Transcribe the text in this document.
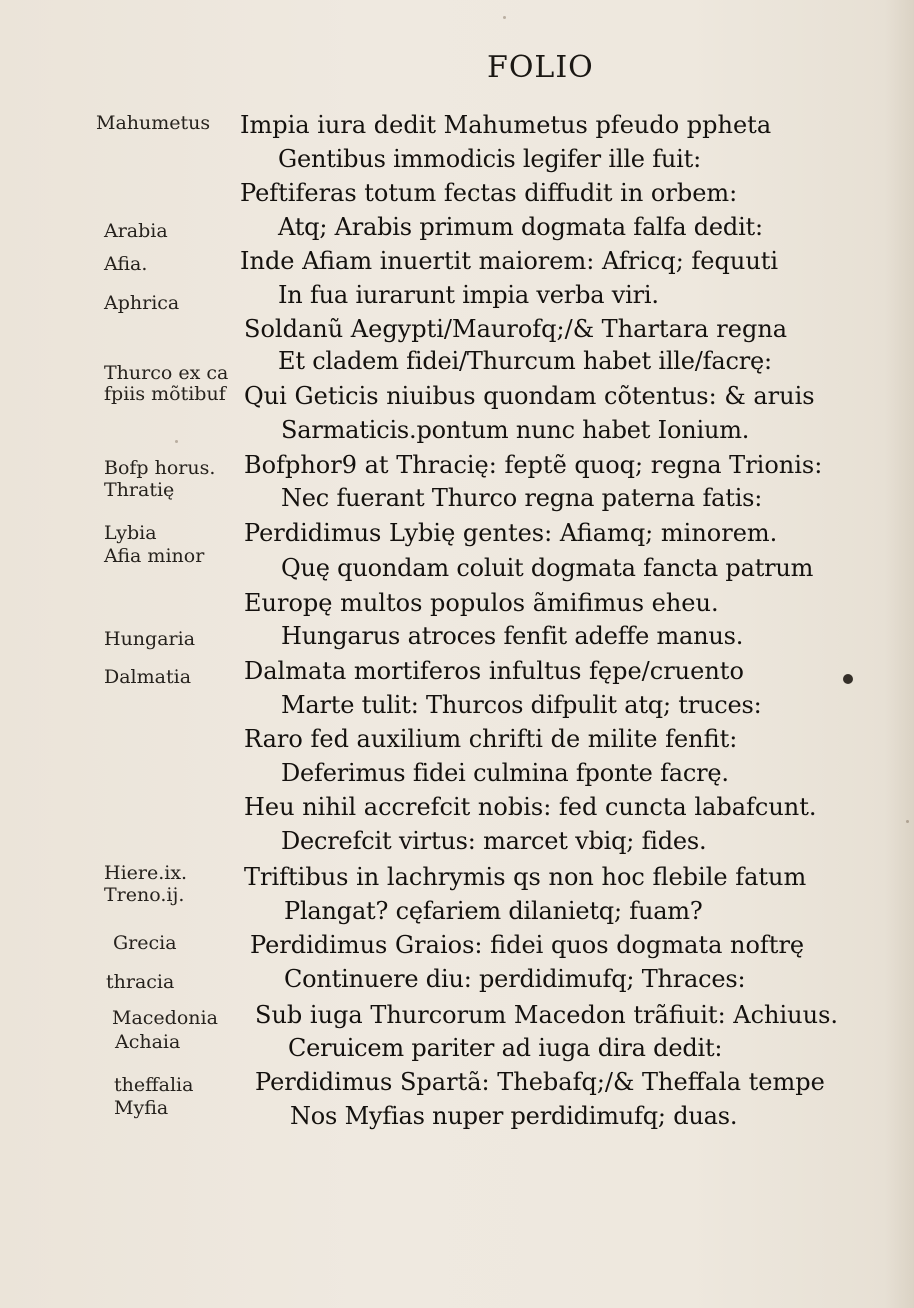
FOLIO
Mahumetus
Arabia
Afia.
Aphrica
Thurco ex ca
fpiis mõtibuf
Bofp horus.
Thratię
Lybia
Afia minor
Hungaria
Dalmatia
Hiere.ix.
Treno.ij.
Grecia
thracia
Macedonia
Achaia
theffalia
Myfia
Impia iura dedit Mahumetus pfeudo ppheta
Gentibus immodicis legifer ille fuit:
Peftiferas totum fectas diffudit in orbem:
Atq; Arabis primum dogmata falfa dedit:
Inde Afiam inuertit maiorem: Africq; fequuti
In fua iurarunt impia verba viri.
Soldanũ Aegypti/Maurofq;/& Thartara regna
Et cladem fidei/Thurcum habet ille/facrę:
Qui Geticis niuibus quondam cõtentus: & aruis
Sarmaticis.pontum nunc habet Ionium.
Bofphor9 at Thracię: feptẽ quoq; regna Trionis:
Nec fuerant Thurco regna paterna fatis:
Perdidimus Lybię gentes: Afiamq; minorem.
Quę quondam coluit dogmata fancta patrum
Europę multos populos ãmifimus eheu.
Hungarus atroces fenfit adeffe manus.
Dalmata mortiferos infultus fępe/cruento
Marte tulit: Thurcos difpulit atq; truces:
Raro fed auxilium chrifti de milite fenfit:
Deferimus fidei culmina fponte facrę.
Heu nihil accrefcit nobis: fed cuncta labafcunt.
Decrefcit virtus: marcet vbiq; fides.
Triftibus in lachrymis qs non hoc flebile fatum
Plangat? cęfariem dilanietq; fuam?
Perdidimus Graios: fidei quos dogmata noftrę
Continuere diu: perdidimufq; Thraces:
Sub iuga Thurcorum Macedon trãfiuit: Achiuus.
Ceruicem pariter ad iuga dira dedit:
Perdidimus Spartã: Thebafq;/& Theffala tempe
Nos Myfias nuper perdidimufq; duas.
